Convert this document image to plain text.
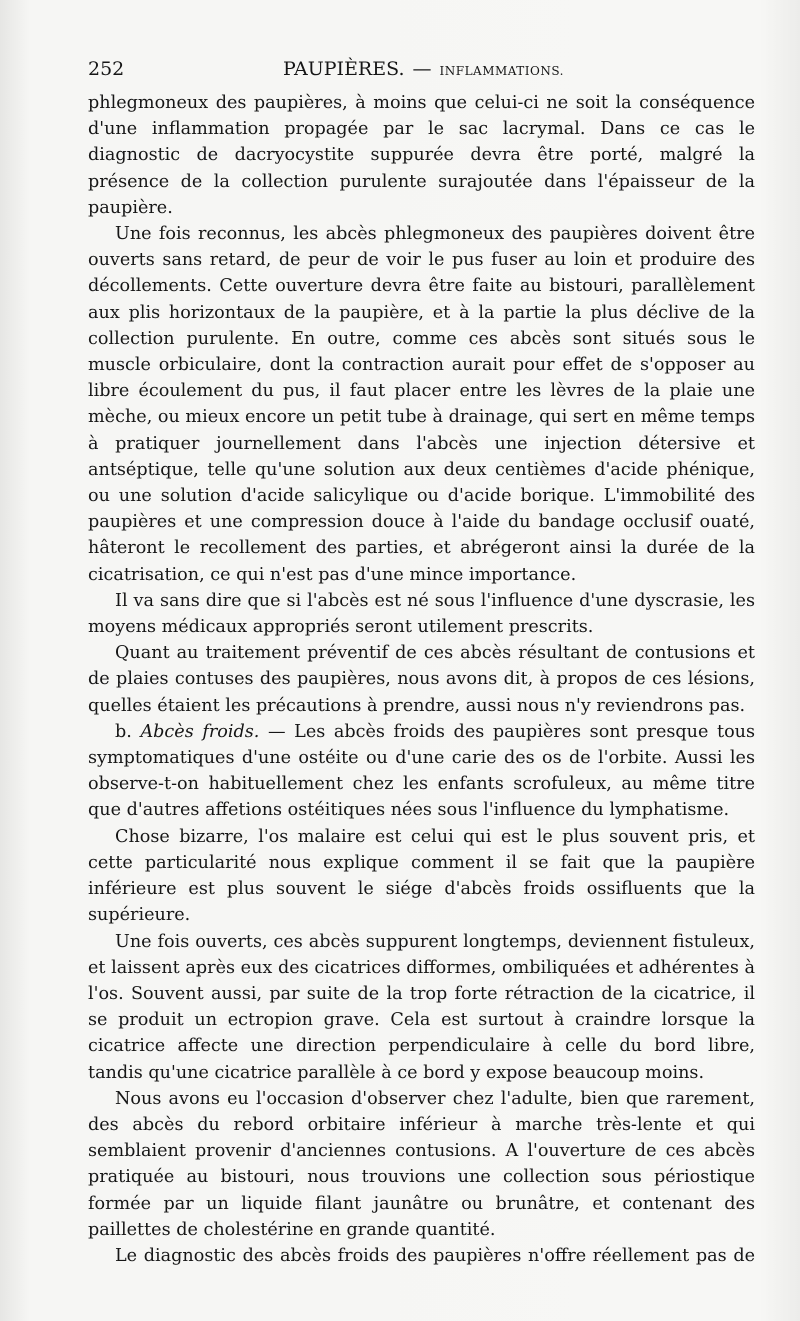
252	PAUPIÈRES. — INFLAMMATIONS.

phlegmoneux des paupières, à moins que celui-ci ne soit la conséquence d'une inflammation propagée par le sac lacrymal. Dans ce cas le diagnostic de dacryocystite suppurée devra être porté, malgré la présence de la collection purulente surajoutée dans l'épaisseur de la paupière.

Une fois reconnus, les abcès phlegmoneux des paupières doivent être ouverts sans retard, de peur de voir le pus fuser au loin et produire des décollements. Cette ouverture devra être faite au bistouri, parallèlement aux plis horizontaux de la paupière, et à la partie la plus déclive de la collection purulente. En outre, comme ces abcès sont situés sous le muscle orbiculaire, dont la contraction aurait pour effet de s'opposer au libre écoulement du pus, il faut placer entre les lèvres de la plaie une mèche, ou mieux encore un petit tube à drainage, qui sert en même temps à pratiquer journellement dans l'abcès une injection détersive et antséptique, telle qu'une solution aux deux centièmes d'acide phénique, ou une solution d'acide salicylique ou d'acide borique. L'immobilité des paupières et une compression douce à l'aide du bandage occlusif ouaté, hâteront le recollement des parties, et abrégeront ainsi la durée de la cicatrisation, ce qui n'est pas d'une mince importance.

Il va sans dire que si l'abcès est né sous l'influence d'une dyscrasie, les moyens médicaux appropriés seront utilement prescrits.

Quant au traitement préventif de ces abcès résultant de contusions et de plaies contuses des paupières, nous avons dit, à propos de ces lésions, quelles étaient les précautions à prendre, aussi nous n'y reviendrons pas.

b. Abcès froids. — Les abcès froids des paupières sont presque tous symptomatiques d'une ostéite ou d'une carie des os de l'orbite. Aussi les observe-t-on habituellement chez les enfants scrofuleux, au même titre que d'autres affetions ostéitiques nées sous l'influence du lymphatisme.

Chose bizarre, l'os malaire est celui qui est le plus souvent pris, et cette particularité nous explique comment il se fait que la paupière inférieure est plus souvent le siége d'abcès froids ossifluents que la supérieure.

Une fois ouverts, ces abcès suppurent longtemps, deviennent fistuleux, et laissent après eux des cicatrices difformes, ombiliquées et adhérentes à l'os. Souvent aussi, par suite de la trop forte rétraction de la cicatrice, il se produit un ectropion grave. Cela est surtout à craindre lorsque la cicatrice affecte une direction perpendiculaire à celle du bord libre, tandis qu'une cicatrice parallèle à ce bord y expose beaucoup moins.

Nous avons eu l'occasion d'observer chez l'adulte, bien que rarement, des abcès du rebord orbitaire inférieur à marche très-lente et qui semblaient provenir d'anciennes contusions. A l'ouverture de ces abcès pratiquée au bistouri, nous trouvions une collection sous périostique formée par un liquide filant jaunâtre ou brunâtre, et contenant des paillettes de cholestérine en grande quantité.

Le diagnostic des abcès froids des paupières n'offre réellement pas de
